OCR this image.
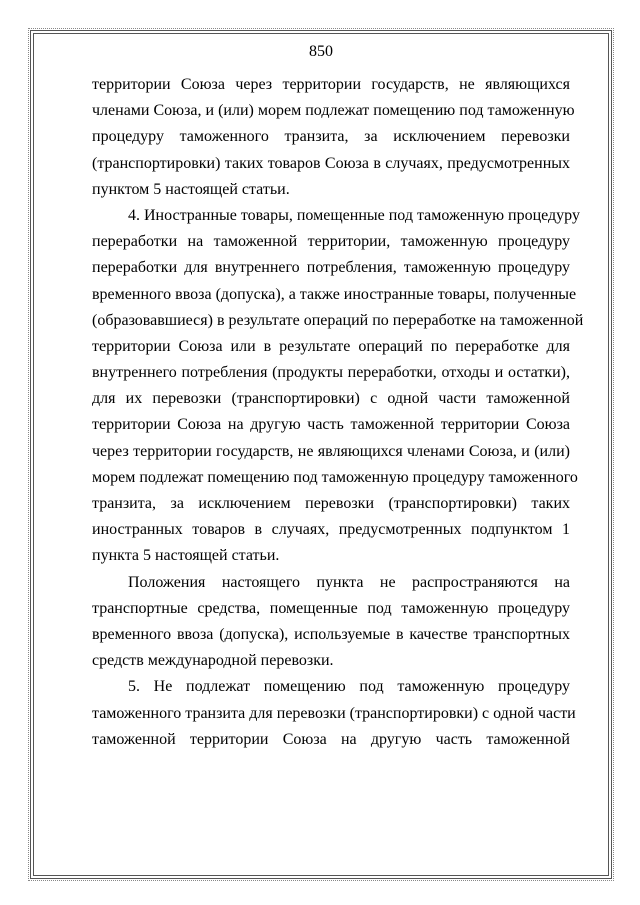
850
территории Союза через территории государств, не являющихся
членами Союза, и (или) морем подлежат помещению под таможенную
процедуру таможенного транзита, за исключением перевозки
(транспортировки) таких товаров Союза в случаях, предусмотренных
пунктом 5 настоящей статьи.
4. Иностранные товары, помещенные под таможенную процедуру
переработки на таможенной территории, таможенную процедуру
переработки для внутреннего потребления, таможенную процедуру
временного ввоза (допуска), а также иностранные товары, полученные
(образовавшиеся) в результате операций по переработке на таможенной
территории Союза или в результате операций по переработке для
внутреннего потребления (продукты переработки, отходы и остатки),
для их перевозки (транспортировки) с одной части таможенной
территории Союза на другую часть таможенной территории Союза
через территории государств, не являющихся членами Союза, и (или)
морем подлежат помещению под таможенную процедуру таможенного
транзита, за исключением перевозки (транспортировки) таких
иностранных товаров в случаях, предусмотренных подпунктом 1
пункта 5 настоящей статьи.
Положения настоящего пункта не распространяются на
транспортные средства, помещенные под таможенную процедуру
временного ввоза (допуска), используемые в качестве транспортных
средств международной перевозки.
5. Не подлежат помещению под таможенную процедуру
таможенного транзита для перевозки (транспортировки) с одной части
таможенной территории Союза на другую часть таможенной
